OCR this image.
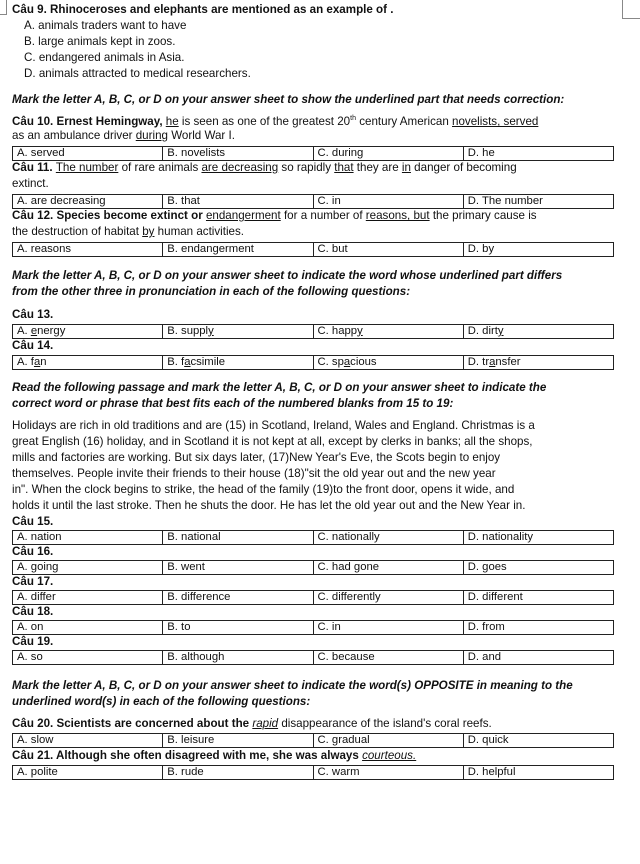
Câu 9. Rhinoceroses and elephants are mentioned as an example of .
A. animals traders want to have
B. large animals kept in zoos.
C. endangered animals in Asia.
D. animals attracted to medical researchers.
Mark the letter A, B, C, or D on your answer sheet to show the underlined part that needs correction:
Câu 10. Ernest Hemingway, he is seen as one of the greatest 20th century American novelists, served
as an ambulance driver during World War I.
A. served	B. novelists	C. during	D. he
Câu 11. The number of rare animals are decreasing so rapidly that they are in danger of becoming
extinct.
A. are decreasing	B. that	C. in	D. The number
Câu 12. Species become extinct or endangerment for a number of reasons, but the primary cause is
the destruction of habitat by human activities.
A. reasons	B. endangerment	C. but	D. by
Mark the letter A, B, C, or D on your answer sheet to indicate the word whose underlined part differs
from the other three in pronunciation in each of the following questions:
Câu 13.
A. energy	B. supply	C. happy	D. dirty
Câu 14.
A. fan	B. facsimile	C. spacious	D. transfer
Read the following passage and mark the letter A, B, C, or D on your answer sheet to indicate the
correct word or phrase that best fits each of the numbered blanks from 15 to 19:
Holidays are rich in old traditions and are (15) in Scotland, Ireland, Wales and England. Christmas is a
great English (16) holiday, and in Scotland it is not kept at all, except by clerks in banks; all the shops,
mills and factories are working. But six days later, (17)New Year's Eve, the Scots begin to enjoy
themselves. People invite their friends to their house (18)"sit the old year out and the new year
in". When the clock begins to strike, the head of the family (19)to the front door, opens it wide, and
holds it until the last stroke. Then he shuts the door. He has let the old year out and the New Year in.
Câu 15.
A. nation	B. national	C. nationally	D. nationality
Câu 16.
A. going	B. went	C. had gone	D. goes
Câu 17.
A. differ	B. difference	C. differently	D. different
Câu 18.
A. on	B. to	C. in	D. from
Câu 19.
A. so	B. although	C. because	D. and
Mark the letter A, B, C, or D on your answer sheet to indicate the word(s) OPPOSITE in meaning to the
underlined word(s) in each of the following questions:
Câu 20. Scientists are concerned about the rapid disappearance of the island's coral reefs.
A. slow	B. leisure	C. gradual	D. quick
Câu 21. Although she often disagreed with me, she was always courteous.
A. polite	B. rude	C. warm	D. helpful
